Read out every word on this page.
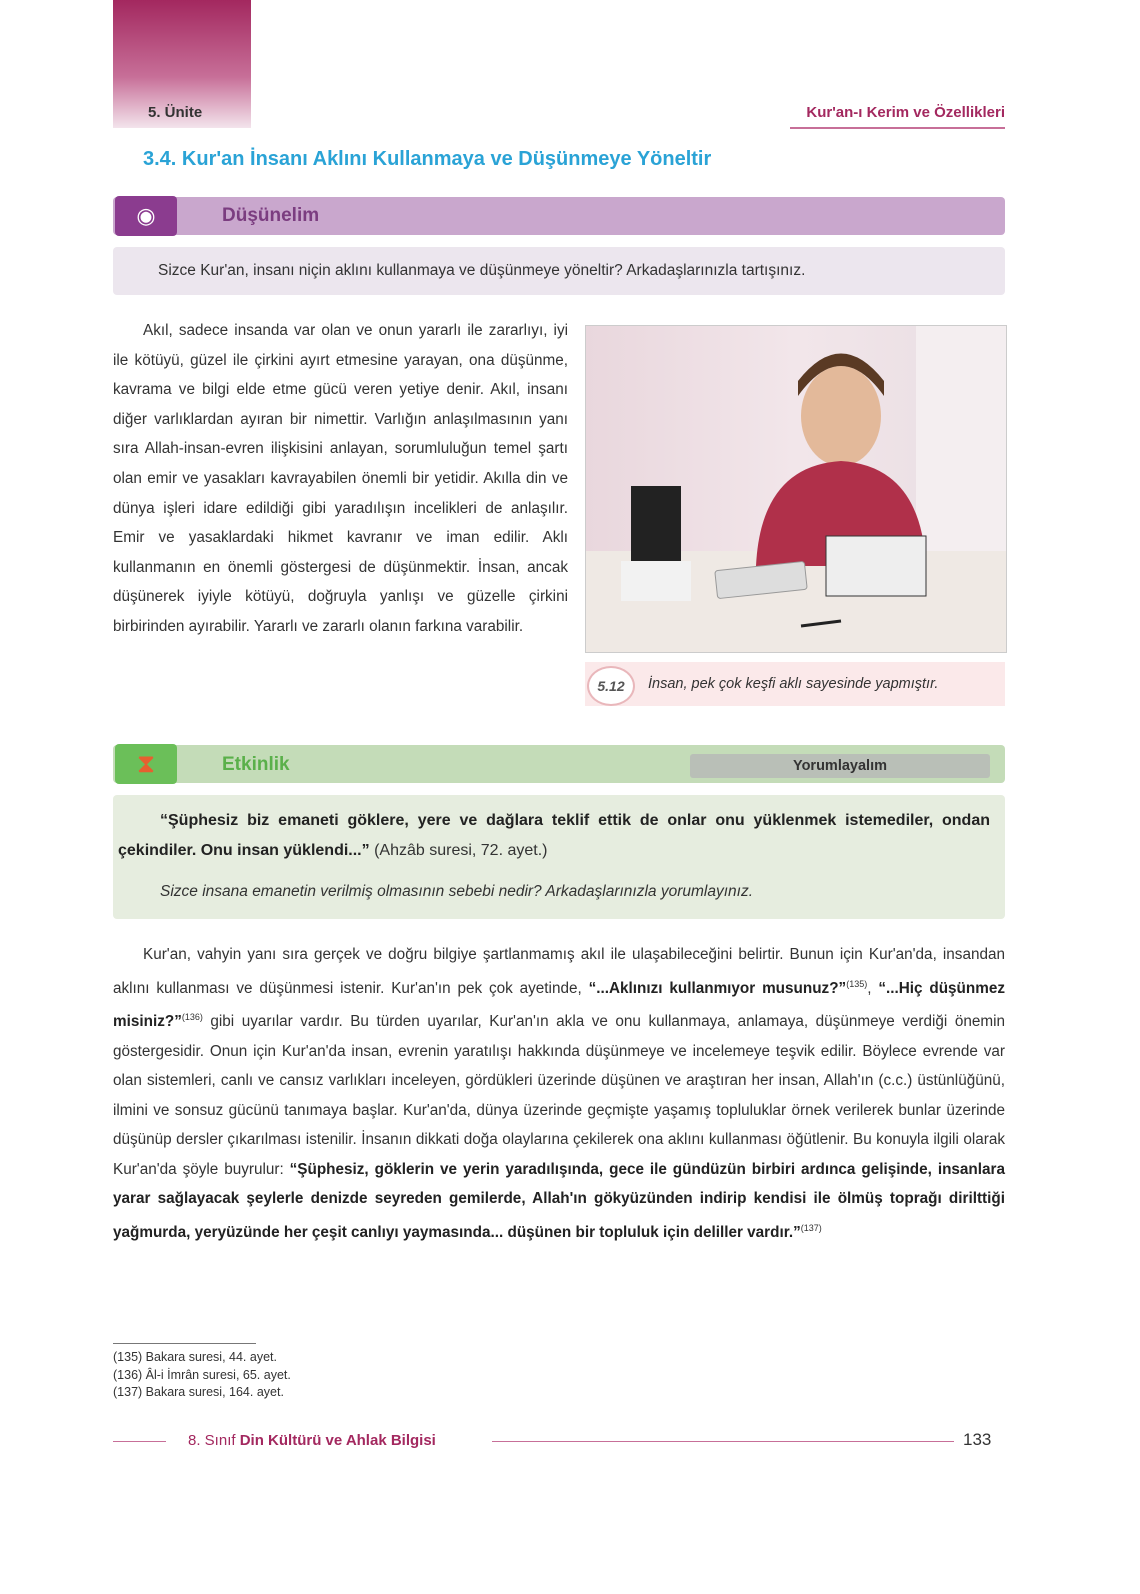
5. Ünite	Kur'an-ı Kerim ve Özellikleri
3.4. Kur'an İnsanı Aklını Kullanmaya ve Düşünmeye Yöneltir
◉	Düşünelim
Sizce Kur'an, insanı niçin aklını kullanmaya ve düşünmeye yöneltir? Arkadaşlarınızla tartışınız.
Akıl, sadece insanda var olan ve onun yararlı ile zararlıyı, iyi ile kötüyü, güzel ile çirkini ayırt etmesine yarayan, ona düşünme, kavrama ve bilgi elde etme gücü veren yetiye denir. Akıl, insanı diğer varlıklardan ayıran bir nimettir. Varlığın anlaşılmasının yanı sıra Allah-insan-evren ilişkisini anlayan, sorumluluğun temel şartı olan emir ve yasakları kavrayabilen önemli bir yetidir. Akılla din ve dünya işleri idare edildiği gibi yaradılışın incelikleri de anlaşılır. Emir ve yasaklardaki hikmet kavranır ve iman edilir. Aklı kullanmanın en önemli göstergesi de düşünmektir. İnsan, ancak düşünerek iyiyle kötüyü, doğruyla yanlışı ve güzelle çirkini birbirinden ayırabilir. Yararlı ve zararlı olanın farkına varabilir.
5.12	İnsan, pek çok keşfi aklı sayesinde yapmıştır.
⧗	Etkinlik	Yorumlayalım
“Şüphesiz biz emaneti göklere, yere ve dağlara teklif ettik de onlar onu yüklenmek istemediler, ondan çekindiler. Onu insan yüklendi...” (Ahzâb suresi, 72. ayet.)
Sizce insana emanetin verilmiş olmasının sebebi nedir? Arkadaşlarınızla yorumlayınız.
Kur'an, vahyin yanı sıra gerçek ve doğru bilgiye şartlanmamış akıl ile ulaşabileceğini belirtir. Bunun için Kur'an'da, insandan aklını kullanması ve düşünmesi istenir. Kur'an'ın pek çok ayetinde, “...Aklınızı kullanmıyor musunuz?”$^{(135)}$, “...Hiç düşünmez misiniz?”$^{(136)}$ gibi uyarılar vardır. Bu türden uyarılar, Kur'an'ın akla ve onu kullanmaya, anlamaya, düşünmeye verdiği önemin göstergesidir. Onun için Kur'an'da insan, evrenin yaratılışı hakkında düşünmeye ve incelemeye teşvik edilir. Böylece evrende var olan sistemleri, canlı ve cansız varlıkları inceleyen, gördükleri üzerinde düşünen ve araştıran her insan, Allah'ın (c.c.) üstünlüğünü, ilmini ve sonsuz gücünü tanımaya başlar. Kur'an'da, dünya üzerinde geçmişte yaşamış topluluklar örnek verilerek bunlar üzerinde düşünüp dersler çıkarılması istenilir. İnsanın dikkati doğa olaylarına çekilerek ona aklını kullanması öğütlenir. Bu konuyla ilgili olarak Kur'an'da şöyle buyrulur: “Şüphesiz, göklerin ve yerin yaradılışında, gece ile gündüzün birbiri ardınca gelişinde, insanlara yarar sağlayacak şeylerle denizde seyreden gemilerde, Allah'ın gökyüzünden indirip kendisi ile ölmüş toprağı dirilttiği yağmurda, yeryüzünde her çeşit canlıyı yaymasında... düşünen bir topluluk için deliller vardır.”$^{(137)}$
(135) Bakara suresi, 44. ayet.
(136) Âl-i İmrân suresi, 65. ayet.
(137) Bakara suresi, 164. ayet.
8. Sınıf Din Kültürü ve Ahlak Bilgisi	133
